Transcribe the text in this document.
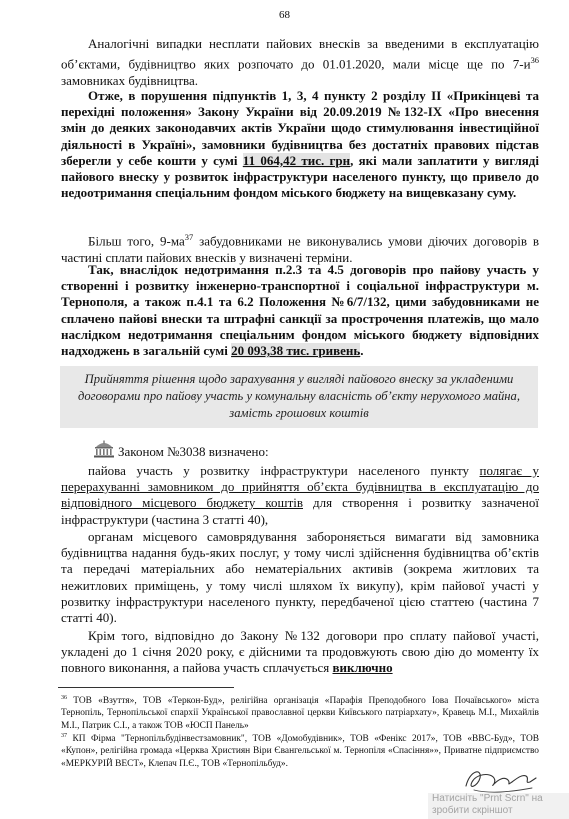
68

Аналогічні випадки несплати пайових внесків за введеними в експлуатацію об’єктами, будівництво яких розпочато до 01.01.2020, мали місце ще по $7-и^{36}$ замовниках будівництва.

Отже, в порушення підпунктів 1, 3, 4 пункту 2 розділу ІІ «Прикінцеві та перехідні положення» Закону України від 20.09.2019 №132-ІХ «Про внесення змін до деяких законодавчих актів України щодо стимулювання інвестиційної діяльності в Україні», замовники будівництва без достатніх правових підстав зберегли у себе кошти у сумі 11 064,42 тис. грн, які мали заплатити у вигляді пайового внеску у розвиток інфраструктури населеного пункту, що привело до недоотримання спеціальним фондом міського бюджету на вищевказану суму.

Більш того, $9-ма^{37}$ забудовниками не виконувались умови діючих договорів в частині сплати пайових внесків у визначені терміни.

Так, внаслідок недотримання п.2.3 та 4.5 договорів про пайову участь у створенні і розвитку інженерно-транспортної і соціальної інфраструктури м. Тернополя, а також п.4.1 та 6.2 Положення №6/7/132, цими забудовниками не сплачено пайові внески та штрафні санкції за прострочення платежів, що мало наслідком недотримання спеціальним фондом міського бюджету відповідних надходжень в загальній сумі 20 093,38 тис. гривень.

Прийняття рішення щодо зарахування у вигляді пайового внеску за укладеними договорами про пайову участь у комунальну власність об’єкту нерухомого майна, замість грошових коштів

Законом №3038 визначено:

пайова участь у розвитку інфраструктури населеного пункту полягає у перерахуванні замовником до прийняття об’єкта будівництва в експлуатацію до відповідного місцевого бюджету коштів для створення і розвитку зазначеної інфраструктури (частина 3 статті 40),

органам місцевого самоврядування забороняється вимагати від замовника будівництва надання будь-яких послуг, у тому числі здійснення будівництва об’єктів та передачі матеріальних або нематеріальних активів (зокрема житлових та нежитлових приміщень, у тому числі шляхом їх викупу), крім пайової участі у розвитку інфраструктури населеного пункту, передбаченої цією статтею (частина 7 статті 40).

Крім того, відповідно до Закону №132 договори про сплату пайової участі, укладені до 1 січня 2020 року, є дійсними та продовжують свою дію до моменту їх повного виконання, а пайова участь сплачується виключно

$^{36}$ ТОВ «Взуття», ТОВ «Теркон-Буд», релігійна організація «Парафія Преподобного Іова Почаївського» міста Тернопіль, Тернопільської єпархії Української православної церкви Київського патріархату», Кравець М.І., Михайлів М.І., Патрик С.І., а також ТОВ «ЮСП Панель»

$^{37}$ КП Фірма "Тернопільбудінвестзамовник", ТОВ «Домобудівник», ТОВ «Фенікс 2017», ТОВ «ВВС-Буд», ТОВ «Купон», релігійна громада «Церква Християн Віри Євангельської м. Тернопіля «Спасіння»», Приватне підприємство «МЕРКУРІЙ ВЕСТ», Клепач П.Є., ТОВ «Тернопільбуд».

Натисніть "Prnt Scrn" на
зробити скріншот
